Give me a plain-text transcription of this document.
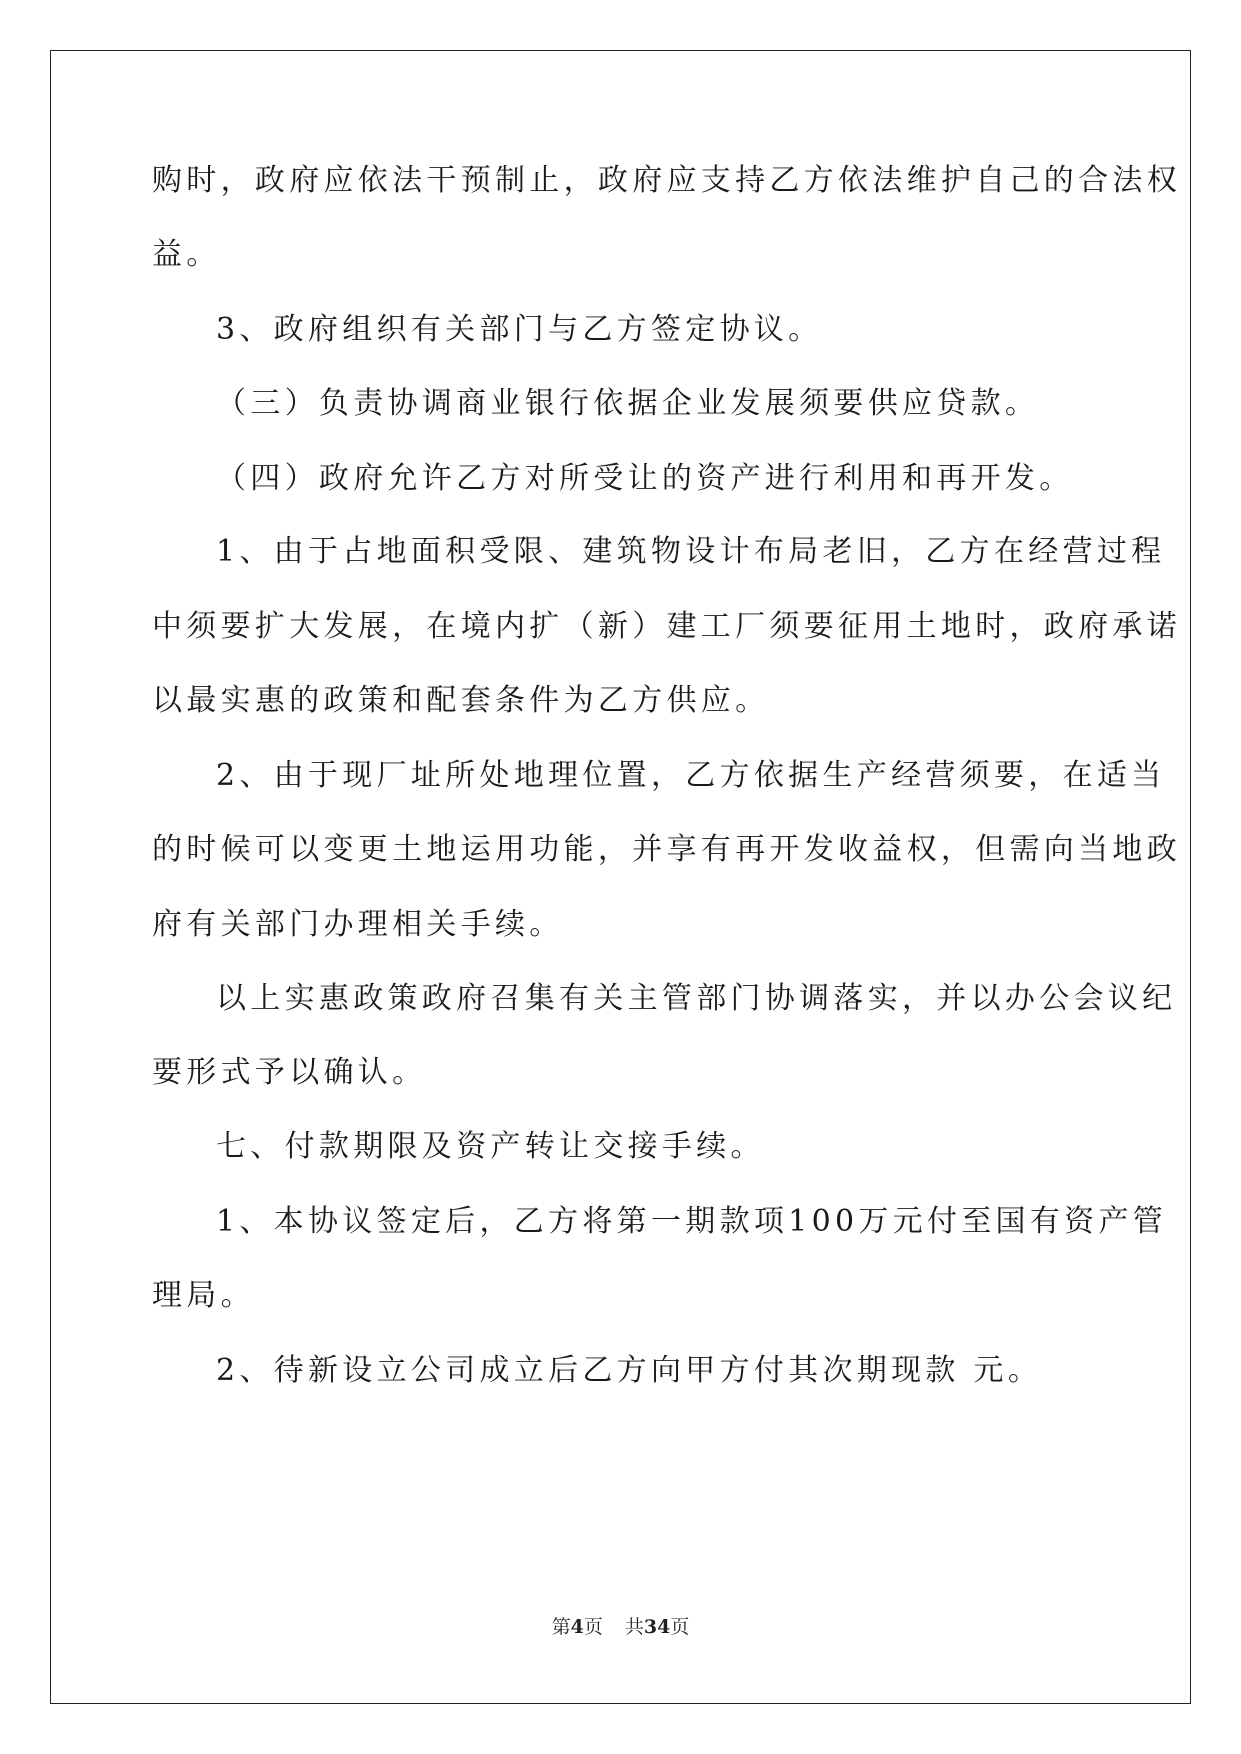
购时，政府应依法干预制止，政府应支持乙方依法维护自己的合法权
益。
3、政府组织有关部门与乙方签定协议。
（三）负责协调商业银行依据企业发展须要供应贷款。
（四）政府允许乙方对所受让的资产进行利用和再开发。
1、由于占地面积受限、建筑物设计布局老旧，乙方在经营过程
中须要扩大发展，在境内扩（新）建工厂须要征用土地时，政府承诺
以最实惠的政策和配套条件为乙方供应。
2、由于现厂址所处地理位置，乙方依据生产经营须要，在适当
的时候可以变更土地运用功能，并享有再开发收益权，但需向当地政
府有关部门办理相关手续。
以上实惠政策政府召集有关主管部门协调落实，并以办公会议纪
要形式予以确认。
七、付款期限及资产转让交接手续。
1、本协议签定后，乙方将第一期款项100万元付至国有资产管
理局。
2、待新设立公司成立后乙方向甲方付其次期现款 元。
第4页 共34页
